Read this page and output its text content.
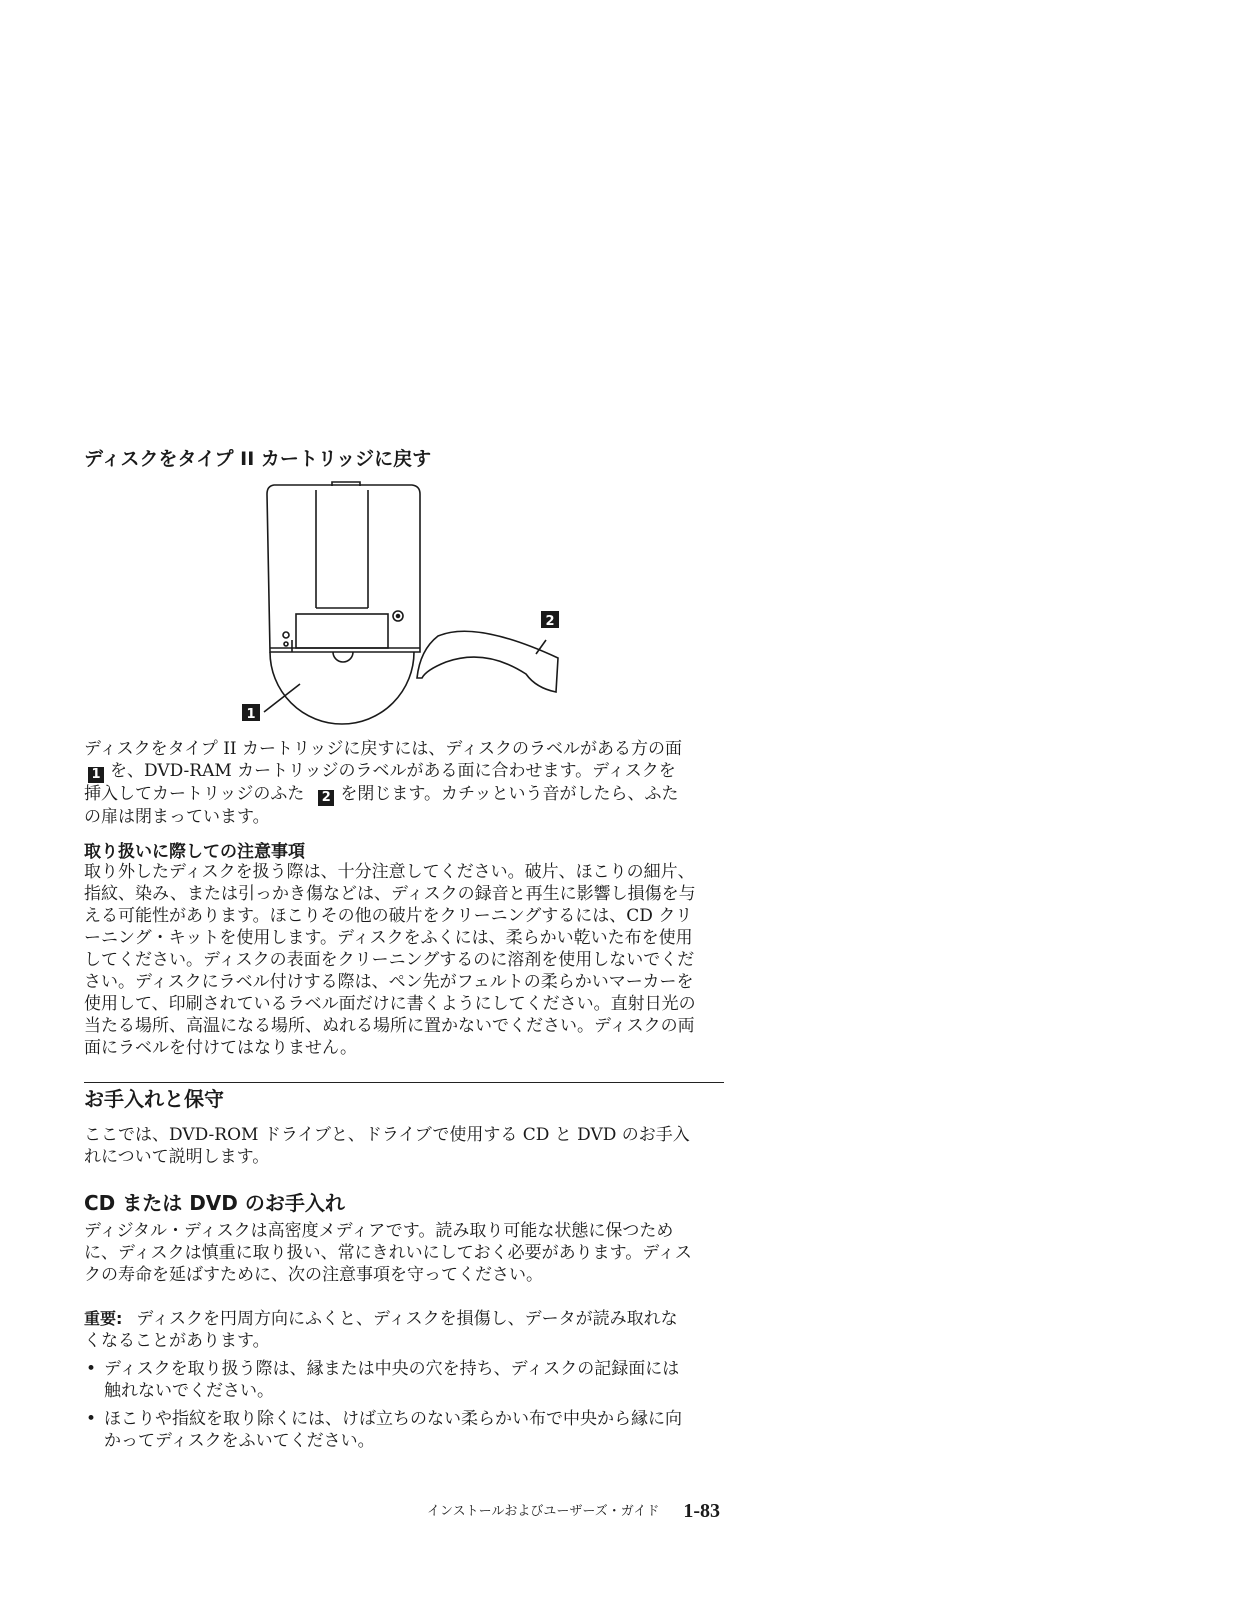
ディスクをタイプ II カートリッジに戻す
1
2
ディスクをタイプ II カートリッジに戻すには、ディスクのラベルがある方の面
1 を、DVD-RAM カートリッジのラベルがある面に合わせます。ディスクを
挿入してカートリッジのふた 2 を閉じます。カチッという音がしたら、ふた
の扉は閉まっています。
取り扱いに際しての注意事項
取り外したディスクを扱う際は、十分注意してください。破片、ほこりの細片、
指紋、染み、または引っかき傷などは、ディスクの録音と再生に影響し損傷を与
える可能性があります。ほこりその他の破片をクリーニングするには、CD クリ
ーニング・キットを使用します。ディスクをふくには、柔らかい乾いた布を使用
してください。ディスクの表面をクリーニングするのに溶剤を使用しないでくだ
さい。ディスクにラベル付けする際は、ペン先がフェルトの柔らかいマーカーを
使用して、印刷されているラベル面だけに書くようにしてください。直射日光の
当たる場所、高温になる場所、ぬれる場所に置かないでください。ディスクの両
面にラベルを付けてはなりません。
お手入れと保守
ここでは、DVD-ROM ドライブと、ドライブで使用する CD と DVD のお手入
れについて説明します。
CD または DVD のお手入れ
ディジタル・ディスクは高密度メディアです。読み取り可能な状態に保つため
に、ディスクは慎重に取り扱い、常にきれいにしておく必要があります。ディス
クの寿命を延ばすために、次の注意事項を守ってください。
重要: ディスクを円周方向にふくと、ディスクを損傷し、データが読み取れな
くなることがあります。
• ディスクを取り扱う際は、縁または中央の穴を持ち、ディスクの記録面には
触れないでください。
• ほこりや指紋を取り除くには、けば立ちのない柔らかい布で中央から縁に向
かってディスクをふいてください。
インストールおよびユーザーズ・ガイド 1-83
